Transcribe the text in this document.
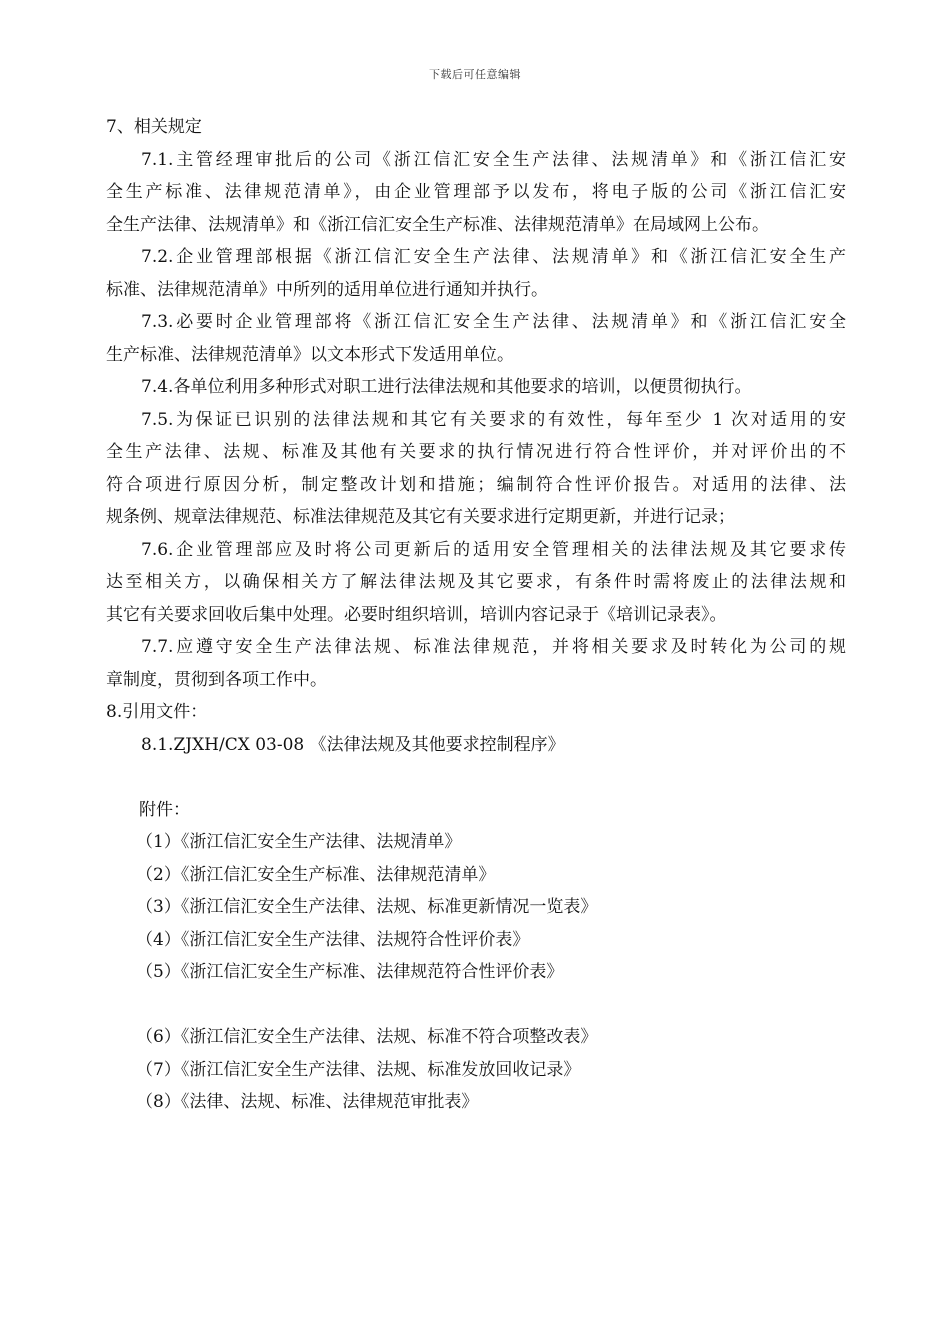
下载后可任意编辑
7、相关规定
7.1.主管经理审批后的公司《浙江信汇安全生产法律、法规清单》和《浙江信汇安
全生产标准、法律规范清单》，由企业管理部予以发布，将电子版的公司《浙江信汇安
全生产法律、法规清单》和《浙江信汇安全生产标准、法律规范清单》在局域网上公布。
7.2.企业管理部根据《浙江信汇安全生产法律、法规清单》和《浙江信汇安全生产
标准、法律规范清单》中所列的适用单位进行通知并执行。
7.3.必要时企业管理部将《浙江信汇安全生产法律、法规清单》和《浙江信汇安全
生产标准、法律规范清单》以文本形式下发适用单位。
7.4.各单位利用多种形式对职工进行法律法规和其他要求的培训，以便贯彻执行。
7.5.为保证已识别的法律法规和其它有关要求的有效性，每年至少 1 次对适用的安
全生产法律、法规、标准及其他有关要求的执行情况进行符合性评价，并对评价出的不
符合项进行原因分析，制定整改计划和措施；编制符合性评价报告。对适用的法律、法
规条例、规章法律规范、标准法律规范及其它有关要求进行定期更新，并进行记录；
7.6.企业管理部应及时将公司更新后的适用安全管理相关的法律法规及其它要求传
达至相关方，以确保相关方了解法律法规及其它要求，有条件时需将废止的法律法规和
其它有关要求回收后集中处理。必要时组织培训，培训内容记录于《培训记录表》。
7.7.应遵守安全生产法律法规、标准法律规范，并将相关要求及时转化为公司的规
章制度，贯彻到各项工作中。
8.引用文件：
8.1.ZJXH/CX 03-08 《法律法规及其他要求控制程序》
附件：
（1）《浙江信汇安全生产法律、法规清单》
（2）《浙江信汇安全生产标准、法律规范清单》
（3）《浙江信汇安全生产法律、法规、标准更新情况一览表》
（4）《浙江信汇安全生产法律、法规符合性评价表》
（5）《浙江信汇安全生产标准、法律规范符合性评价表》
（6）《浙江信汇安全生产法律、法规、标准不符合项整改表》
（7）《浙江信汇安全生产法律、法规、标准发放回收记录》
（8）《法律、法规、标准、法律规范审批表》
